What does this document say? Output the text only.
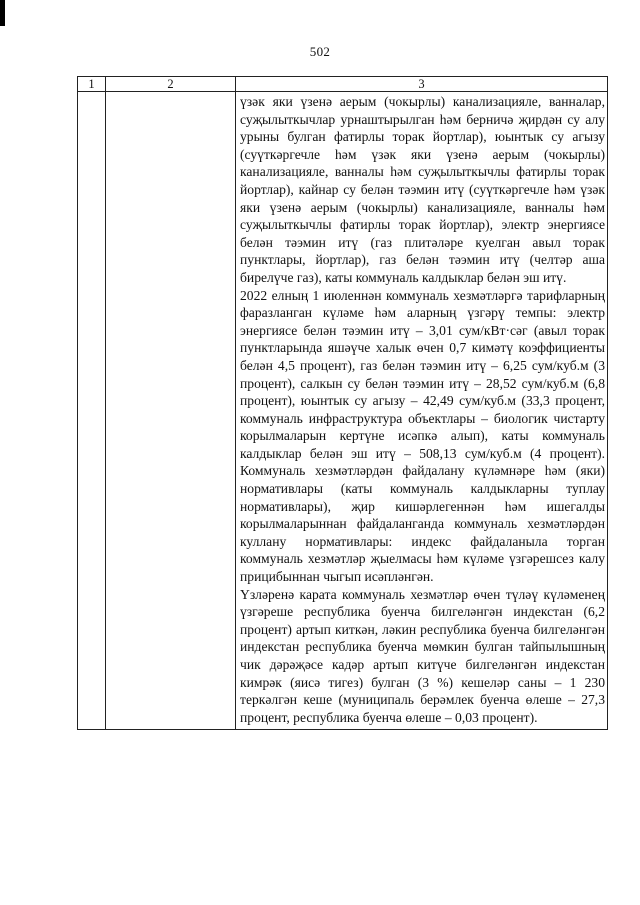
502
1	2	3

		үзәк яки үзенә аерым (чокырлы) канализацияле, ванналар, суҗылыткычлар урнаштырылган һәм берничә җирдән су алу урыны булган фатирлы торак йортлар), юынтык су агызу (суүткәргечле һәм үзәк яки үзенә аерым (чокырлы) канализацияле, ванналы һәм суҗылыткычлы фатирлы торак йортлар), кайнар су белән тәэмин итү (суүткәргечле һәм үзәк яки үзенә аерым (чокырлы) канализацияле, ванналы һәм суҗылыткычлы фатирлы торак йортлар), электр энергиясе белән тәэмин итү (газ плитәләре куелган авыл торак пунктлары, йортлар), газ белән тәэмин итү (челтәр аша бирелүче газ), каты коммуналь калдыклар белән эш итү.

2022 елның 1 июленнән коммуналь хезмәтләргә тарифларның фаразланган күләме һәм аларның үзгәрү темпы: электр энергиясе белән тәэмин итү – 3,01 сум/кВт·сәг (авыл торак пунктларында яшәүче халык өчен 0,7 кимәтү коэффициенты белән 4,5 процент), газ белән тәэмин итү – 6,25 сум/куб.м (3 процент), салкын су белән тәэмин итү – 28,52 сум/куб.м (6,8 процент), юынтык су агызу – 42,49 сум/куб.м (33,3 процент, коммуналь инфраструктура объектлары – биологик чистарту корылмаларын кертүне исәпкә алып), каты коммуналь калдыклар белән эш итү – 508,13 сум/куб.м (4 процент). Коммуналь хезмәтләрдән файдалану күләмнәре һәм (яки) нормативлары (каты коммуналь калдыкларны туплау нормативлары), җир кишәрлегеннән һәм ишегалды корылмаларыннан файдаланганда коммуналь хезмәтләрдән куллану нормативлары: индекс файдаланыла торган коммуналь хезмәтләр җыелмасы һәм күләме үзгәрешсез калу прицибыннан чыгып исәпләнгән.

Үзләренә карата коммуналь хезмәтләр өчен түләү күләменең үзгәреше республика буенча билгеләнгән индекстан (6,2 процент) артып киткән, ләкин республика буенча билгеләнгән индекстан республика буенча мөмкин булган тайпылышның чик дәрәҗәсе кадәр артып китүче билгеләнгән индекстан кимрәк (яисә тигез) булган (3 %) кешеләр саны – 1 230 теркәлгән кеше (муниципаль берәмлек буенча өлеше – 27,3 процент, республика буенча өлеше – 0,03 процент).
